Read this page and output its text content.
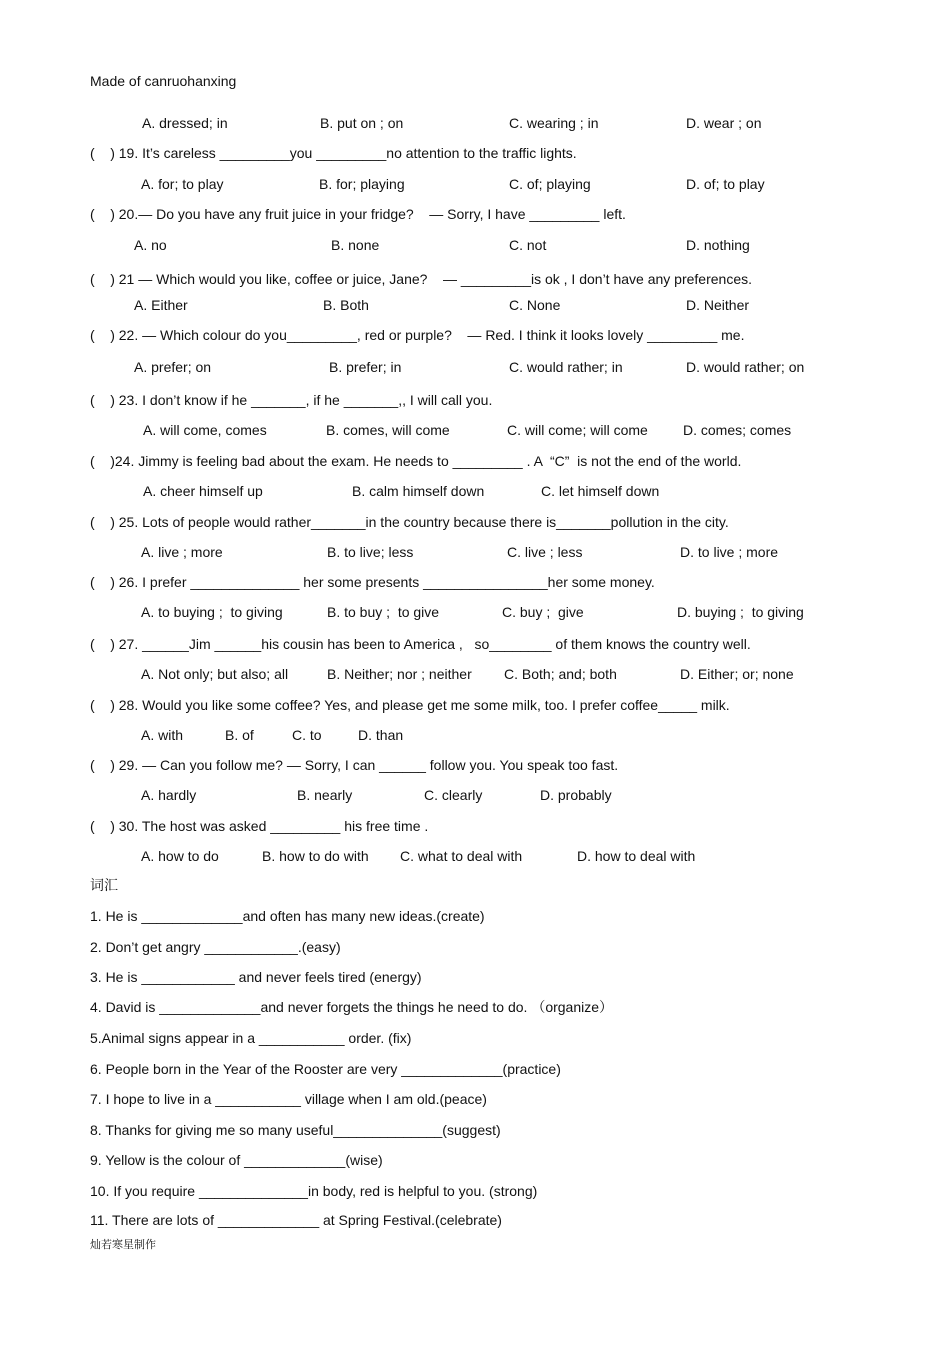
Made of canruohanxing
A. dressed; in	B. put on ; on	C. wearing ; in	D. wear ; on
(    ) 19. It’s careless _________you _________no attention to the traffic lights.
A. for; to play	B. for; playing	C. of; playing	D. of; to play
(    ) 20.— Do you have any fruit juice in your fridge?    — Sorry, I have _________ left.
A. no	B. none	C. not	D. nothing
(    ) 21 — Which would you like, coffee or juice, Jane?    — _________is ok , I don’t have any preferences.
A. Either	B. Both	C. None	D. Neither
(    ) 22. — Which colour do you_________, red or purple?    — Red. I think it looks lovely _________ me.
A. prefer; on	B. prefer; in	C. would rather; in	D. would rather; on
(    ) 23. I don’t know if he _______, if he _______,, I will call you.
A. will come, comes	B. comes, will come	C. will come; will come	D. comes; comes
(    )24. Jimmy is feeling bad about the exam. He needs to _________ . A  “C”  is not the end of the world.
A. cheer himself up	B. calm himself down	C. let himself down
(    ) 25. Lots of people would rather_______in the country because there is_______pollution in the city.
A. live ; more	B. to live; less	C. live ; less	D. to live ; more
(    ) 26. I prefer ______________ her some presents ________________her some money.
A. to buying ;  to giving	B. to buy ;  to give	C. buy ;  give	D. buying ;  to giving
(    ) 27. ______Jim ______his cousin has been to America ,   so________ of them knows the country well.
A. Not only; but also; all	B. Neither; nor ; neither C. Both; and; both	D. Either; or; none
(    ) 28. Would you like some coffee? Yes, and please get me some milk, too. I prefer coffee_____ milk.
A. with	B. of	C. to	D. than
(    ) 29. — Can you follow me? — Sorry, I can ______ follow you. You speak too fast.
A. hardly	B. nearly	C. clearly	D. probably
(    ) 30. The host was asked _________ his free time .
A. how to do	B. how to do with C. what to deal with	D. how to deal with
词汇
1. He is _____________and often has many new ideas.(create)
2. Don’t get angry ____________.(easy)
3. He is ____________ and never feels tired (energy)
4. David is _____________and never forgets the things he need to do. （organize）
5.Animal signs appear in a ___________ order. (fix)
6. People born in the Year of the Rooster are very _____________(practice)
7. I hope to live in a ___________ village when I am old.(peace)
8. Thanks for giving me so many useful______________(suggest)
9. Yellow is the colour of _____________(wise)
10. If you require ______________in body, red is helpful to you. (strong)
11. There are lots of _____________ at Spring Festival.(celebrate)
灿若寒星制作
